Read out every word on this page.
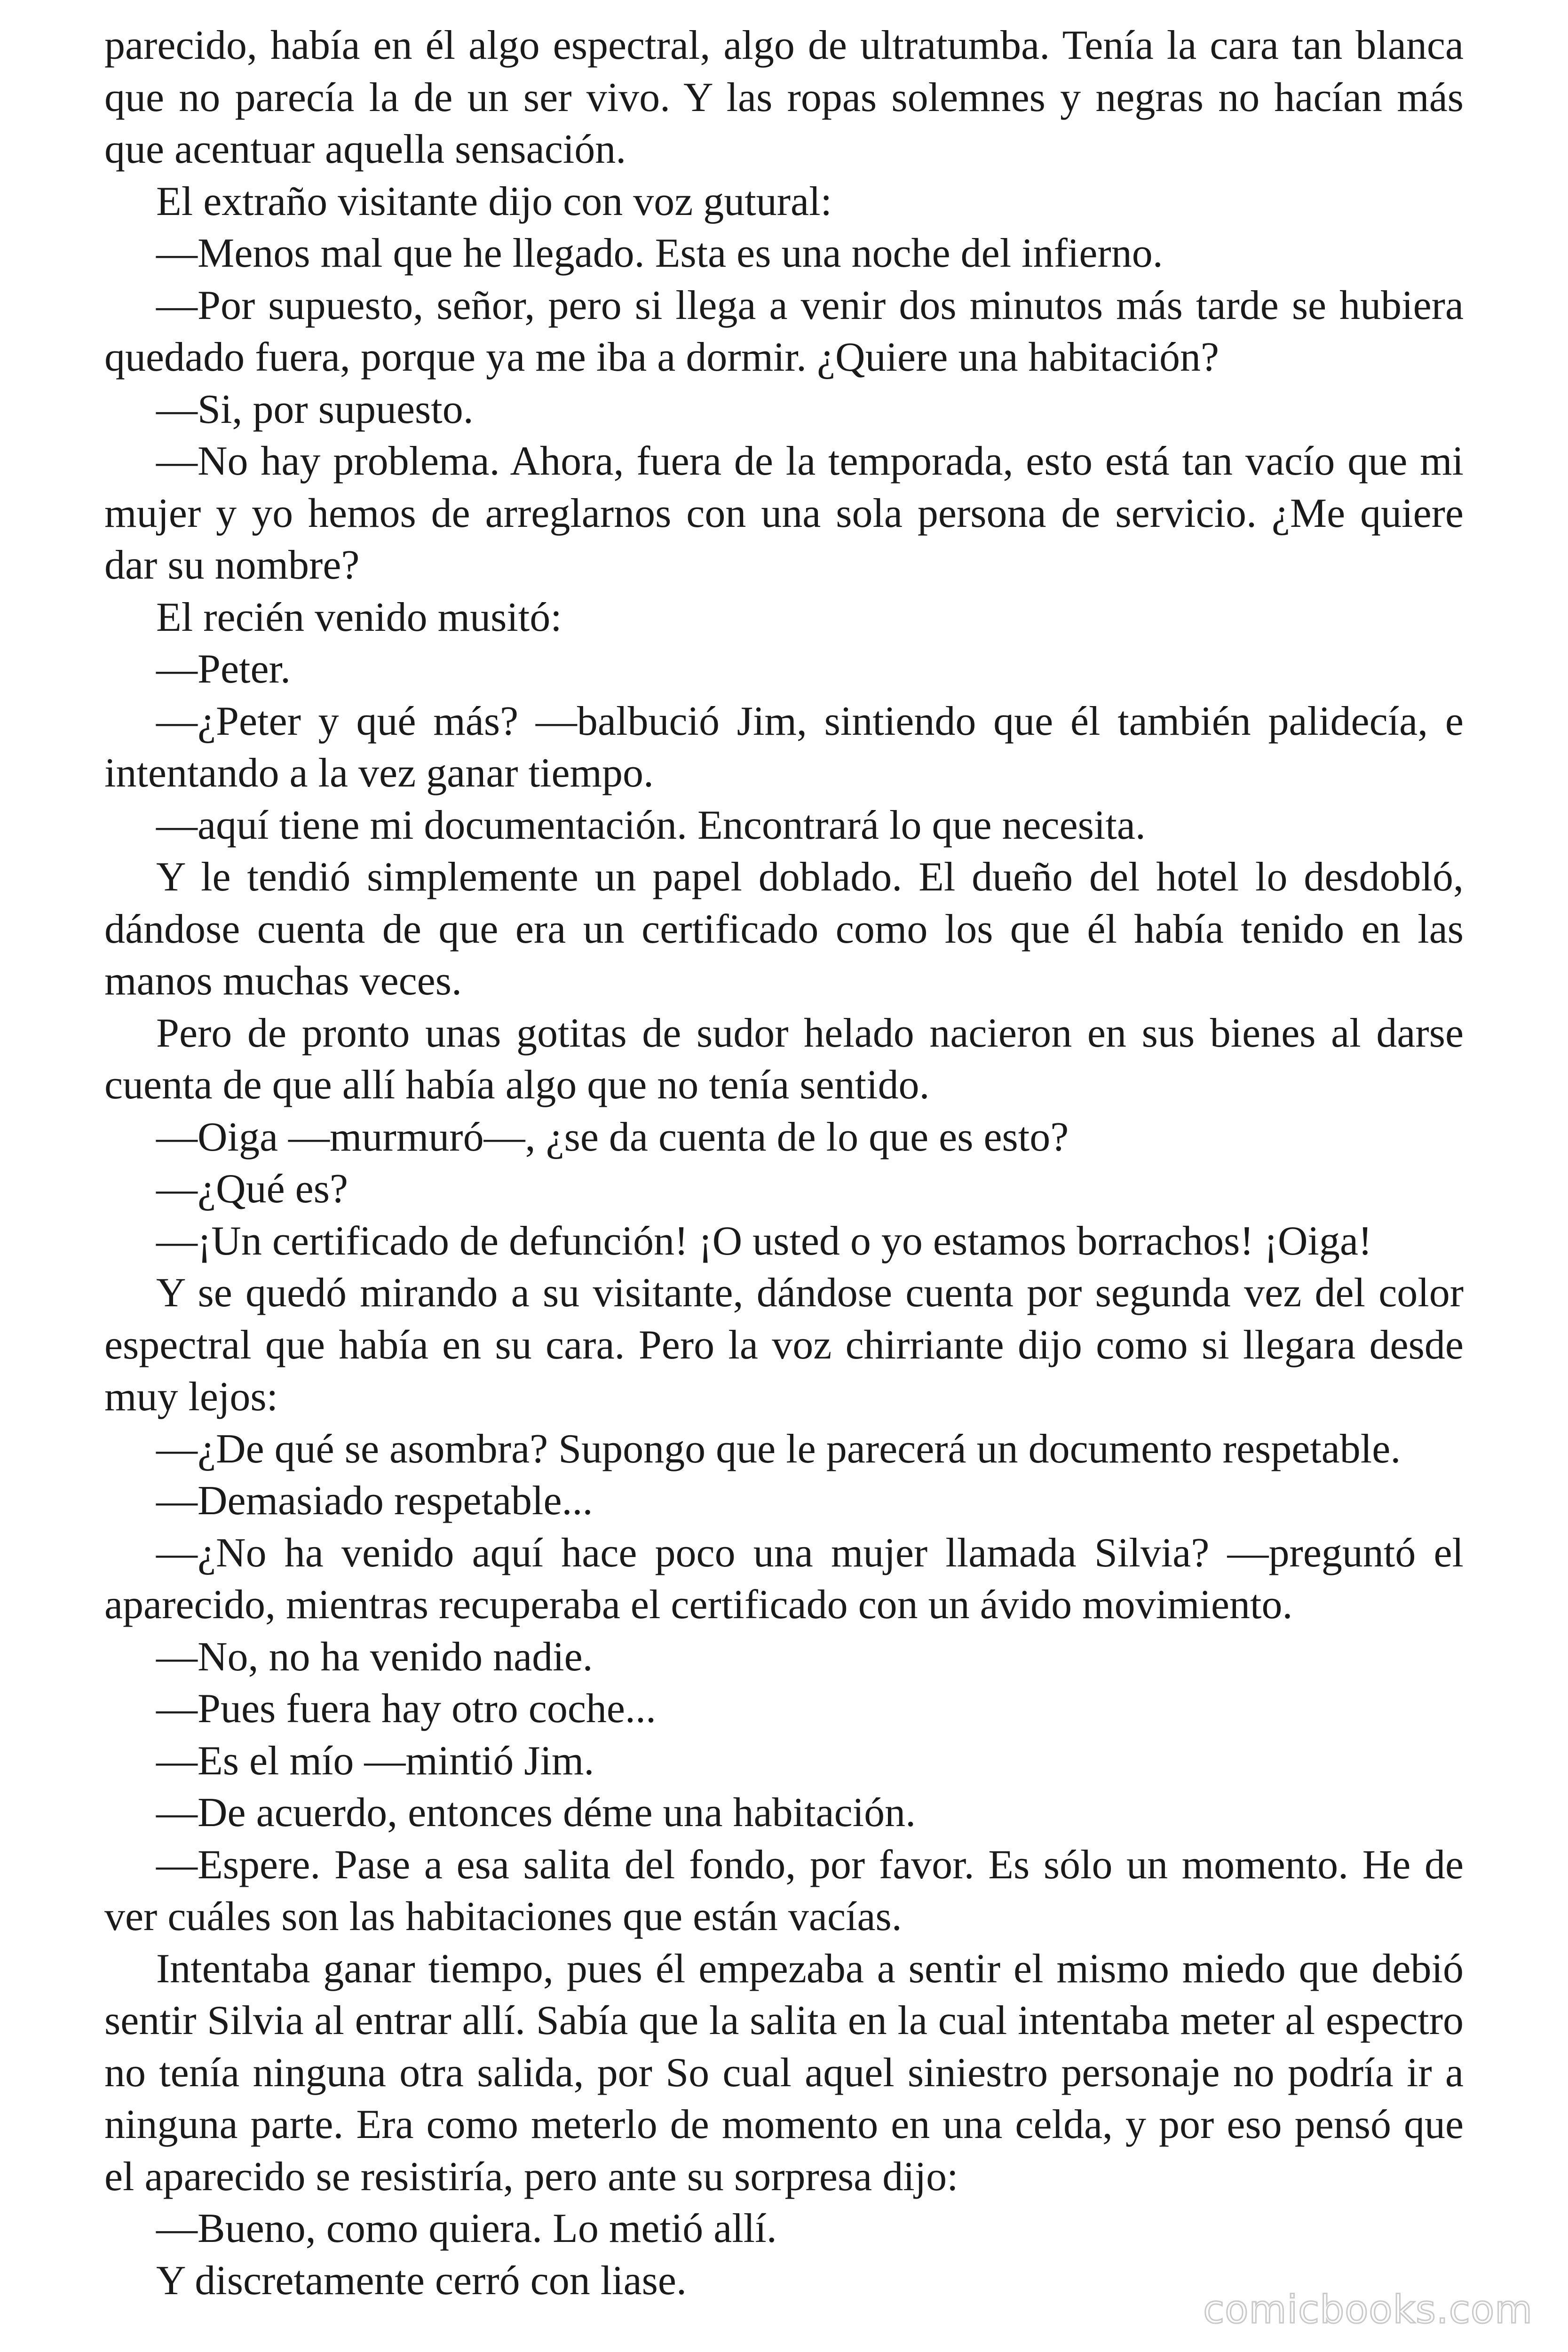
parecido, había en él algo espectral, algo de ultratumba. Tenía la cara tan blanca que no parecía la de un ser vivo. Y las ropas solemnes y negras no hacían más que acentuar aquella sensación.

El extraño visitante dijo con voz gutural:

—Menos mal que he llegado. Esta es una noche del infierno.

—Por supuesto, señor, pero si llega a venir dos minutos más tarde se hubiera quedado fuera, porque ya me iba a dormir. ¿Quiere una habitación?

—Si, por supuesto.

—No hay problema. Ahora, fuera de la temporada, esto está tan vacío que mi mujer y yo hemos de arreglarnos con una sola persona de servicio. ¿Me quiere dar su nombre?

El recién venido musitó:

—Peter.

—¿Peter y qué más? —balbució Jim, sintiendo que él también palidecía, e intentando a la vez ganar tiempo.

—aquí tiene mi documentación. Encontrará lo que necesita.

Y le tendió simplemente un papel doblado. El dueño del hotel lo desdobló, dándose cuenta de que era un certificado como los que él había tenido en las manos muchas veces.

Pero de pronto unas gotitas de sudor helado nacieron en sus bienes al darse cuenta de que allí había algo que no tenía sentido.

—Oiga —murmuró—, ¿se da cuenta de lo que es esto?

—¿Qué es?

—¡Un certificado de defunción! ¡O usted o yo estamos borrachos! ¡Oiga!

Y se quedó mirando a su visitante, dándose cuenta por segunda vez del color espectral que había en su cara. Pero la voz chirriante dijo como si llegara desde muy lejos:

—¿De qué se asombra? Supongo que le parecerá un documento respetable.

—Demasiado respetable...

—¿No ha venido aquí hace poco una mujer llamada Silvia? —preguntó el aparecido, mientras recuperaba el certificado con un ávido movimiento.

—No, no ha venido nadie.

—Pues fuera hay otro coche...

—Es el mío —mintió Jim.

—De acuerdo, entonces déme una habitación.

—Espere. Pase a esa salita del fondo, por favor. Es sólo un momento. He de ver cuáles son las habitaciones que están vacías.

Intentaba ganar tiempo, pues él empezaba a sentir el mismo miedo que debió sentir Silvia al entrar allí. Sabía que la salita en la cual intentaba meter al espectro no tenía ninguna otra salida, por So cual aquel siniestro personaje no podría ir a ninguna parte. Era como meterlo de momento en una celda, y por eso pensó que el aparecido se resistiría, pero ante su sorpresa dijo:

—Bueno, como quiera. Lo metió allí.

Y discretamente cerró con liase.

comicbooks.com
